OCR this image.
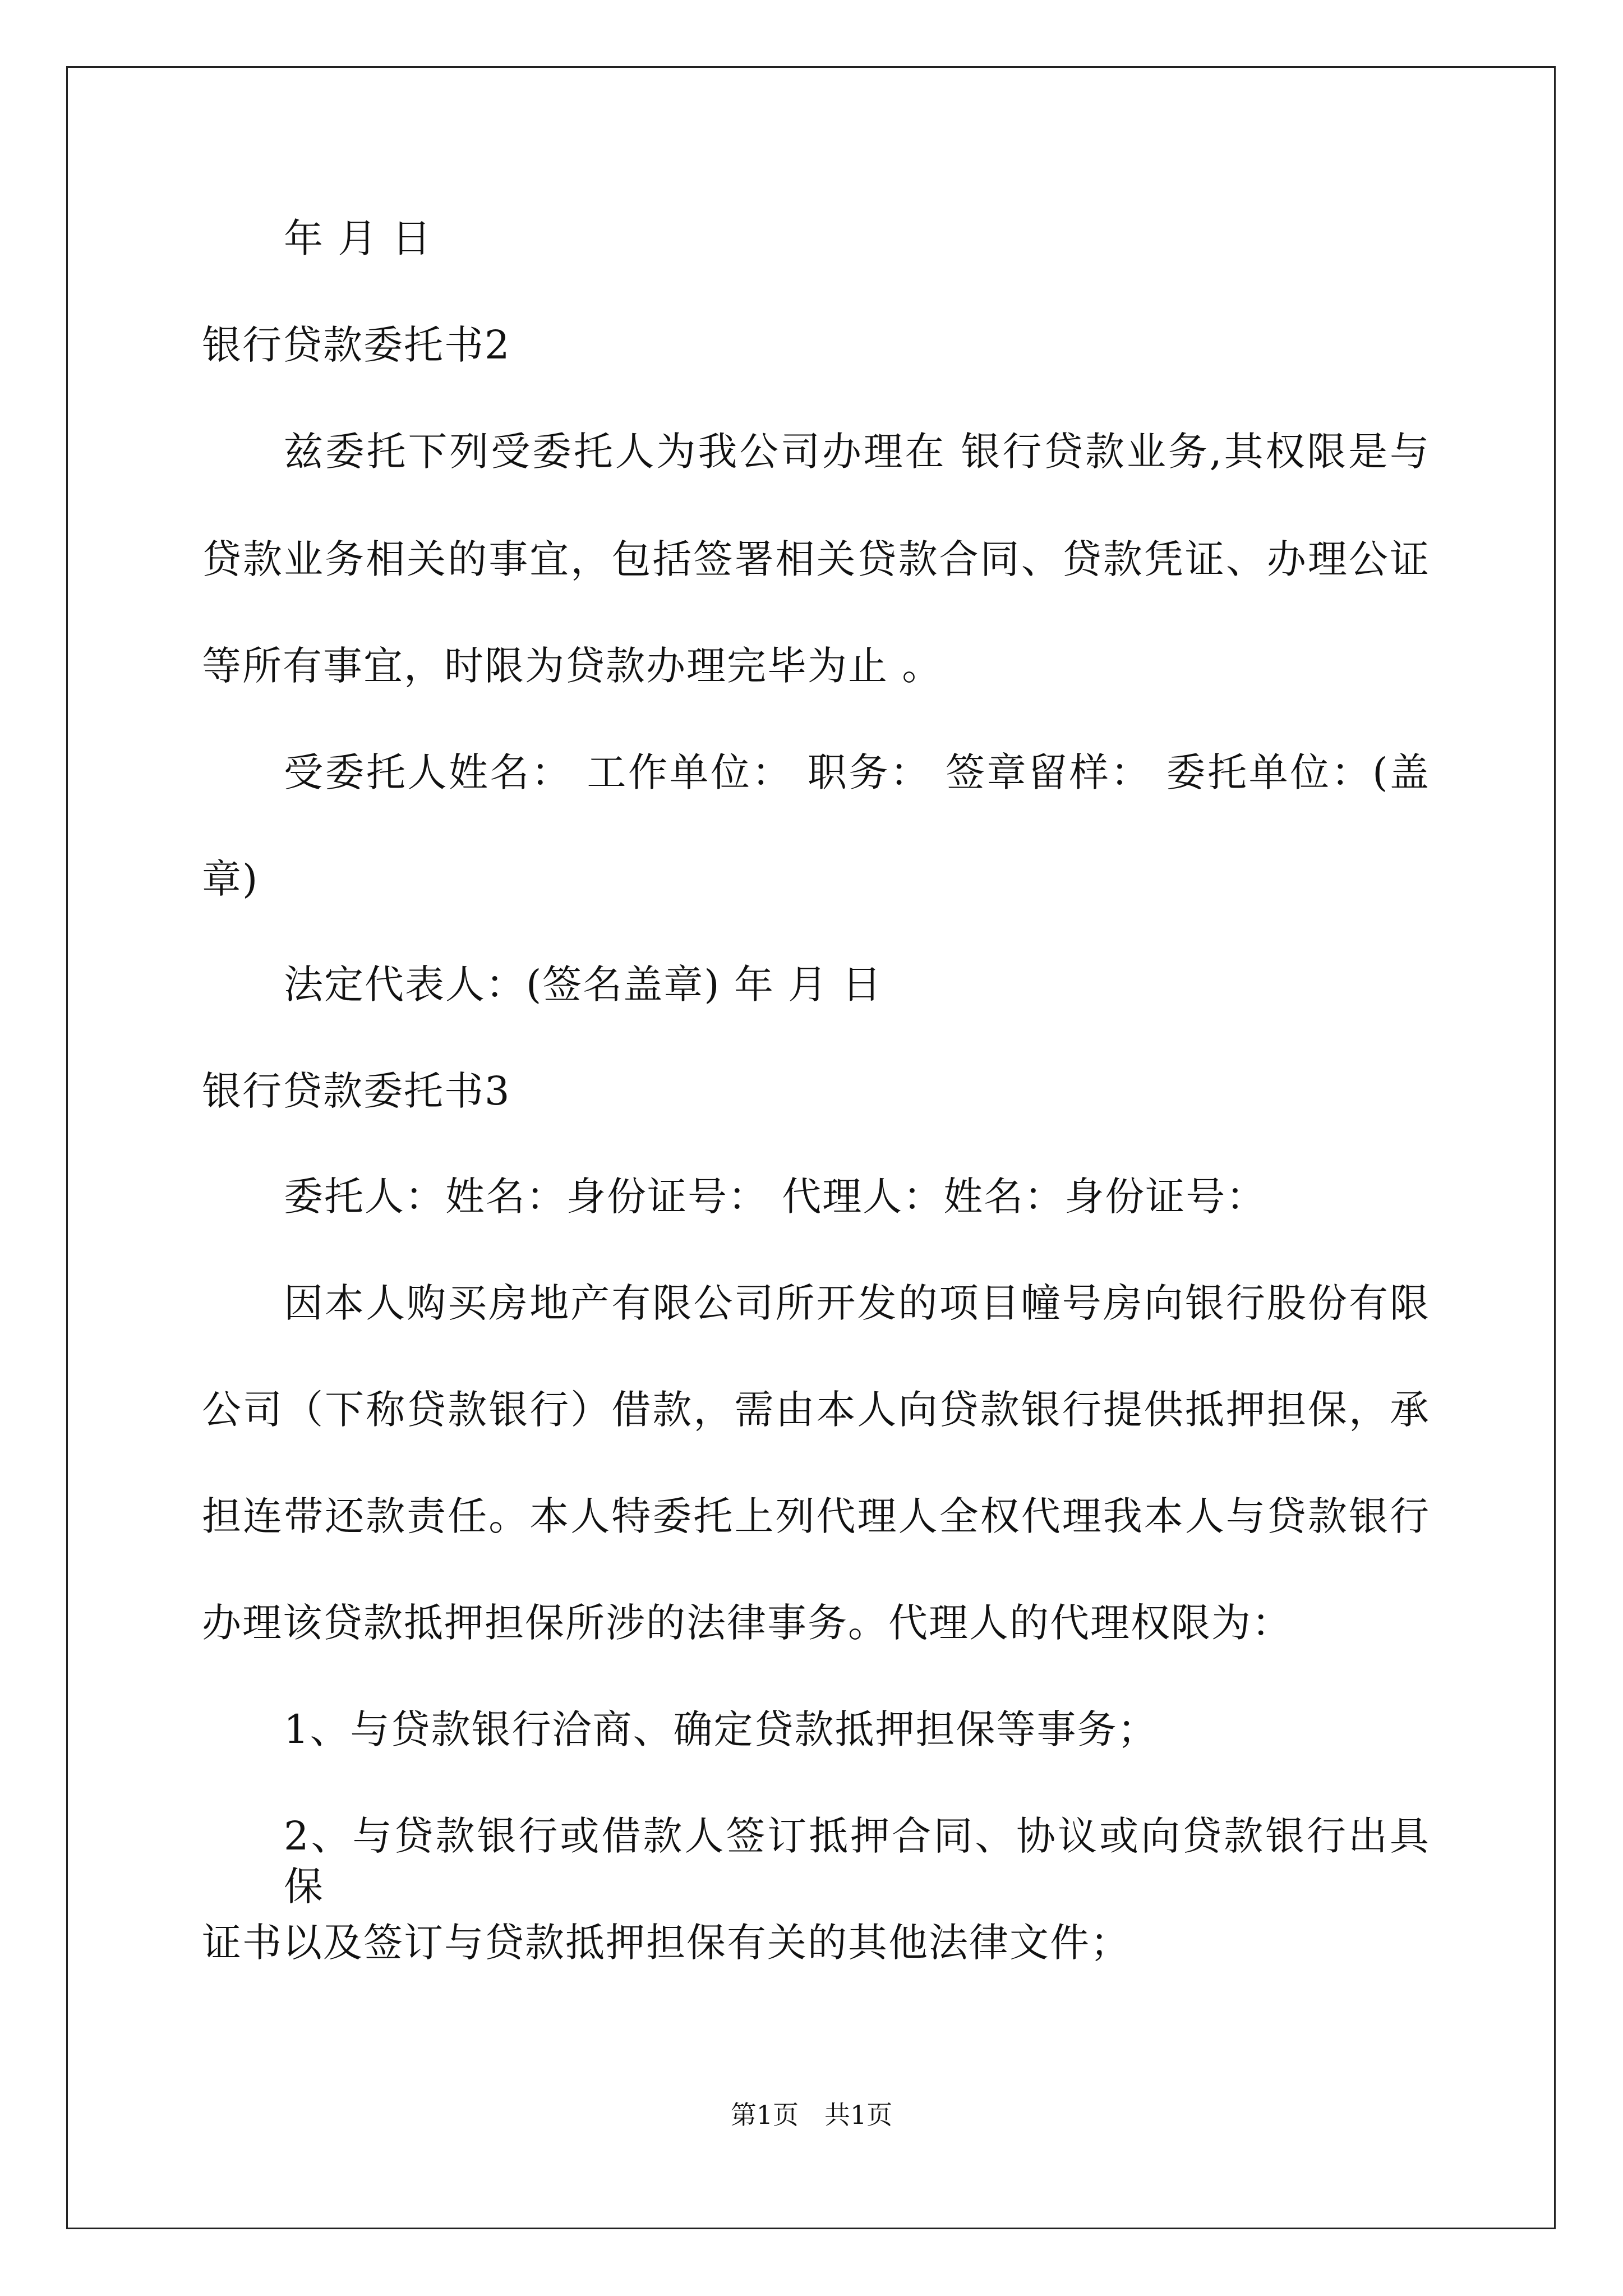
年 月 日
银行贷款委托书2
兹委托下列受委托人为我公司办理在 银行贷款业务,其权限是与
贷款业务相关的事宜，包括签署相关贷款合同、贷款凭证、办理公证
等所有事宜，时限为贷款办理完毕为止 。
受委托人姓名： 工作单位： 职务： 签章留样： 委托单位：(盖
章)
法定代表人：(签名盖章) 年 月 日
银行贷款委托书3
委托人：姓名：身份证号： 代理人：姓名：身份证号：
因本人购买房地产有限公司所开发的项目幢号房向银行股份有限
公司（下称贷款银行）借款，需由本人向贷款银行提供抵押担保，承
担连带还款责任。本人特委托上列代理人全权代理我本人与贷款银行
办理该贷款抵押担保所涉的法律事务。代理人的代理权限为：
1、与贷款银行洽商、确定贷款抵押担保等事务；
2、与贷款银行或借款人签订抵押合同、协议或向贷款银行出具保
证书以及签订与贷款抵押担保有关的其他法律文件；
第1页　共1页
